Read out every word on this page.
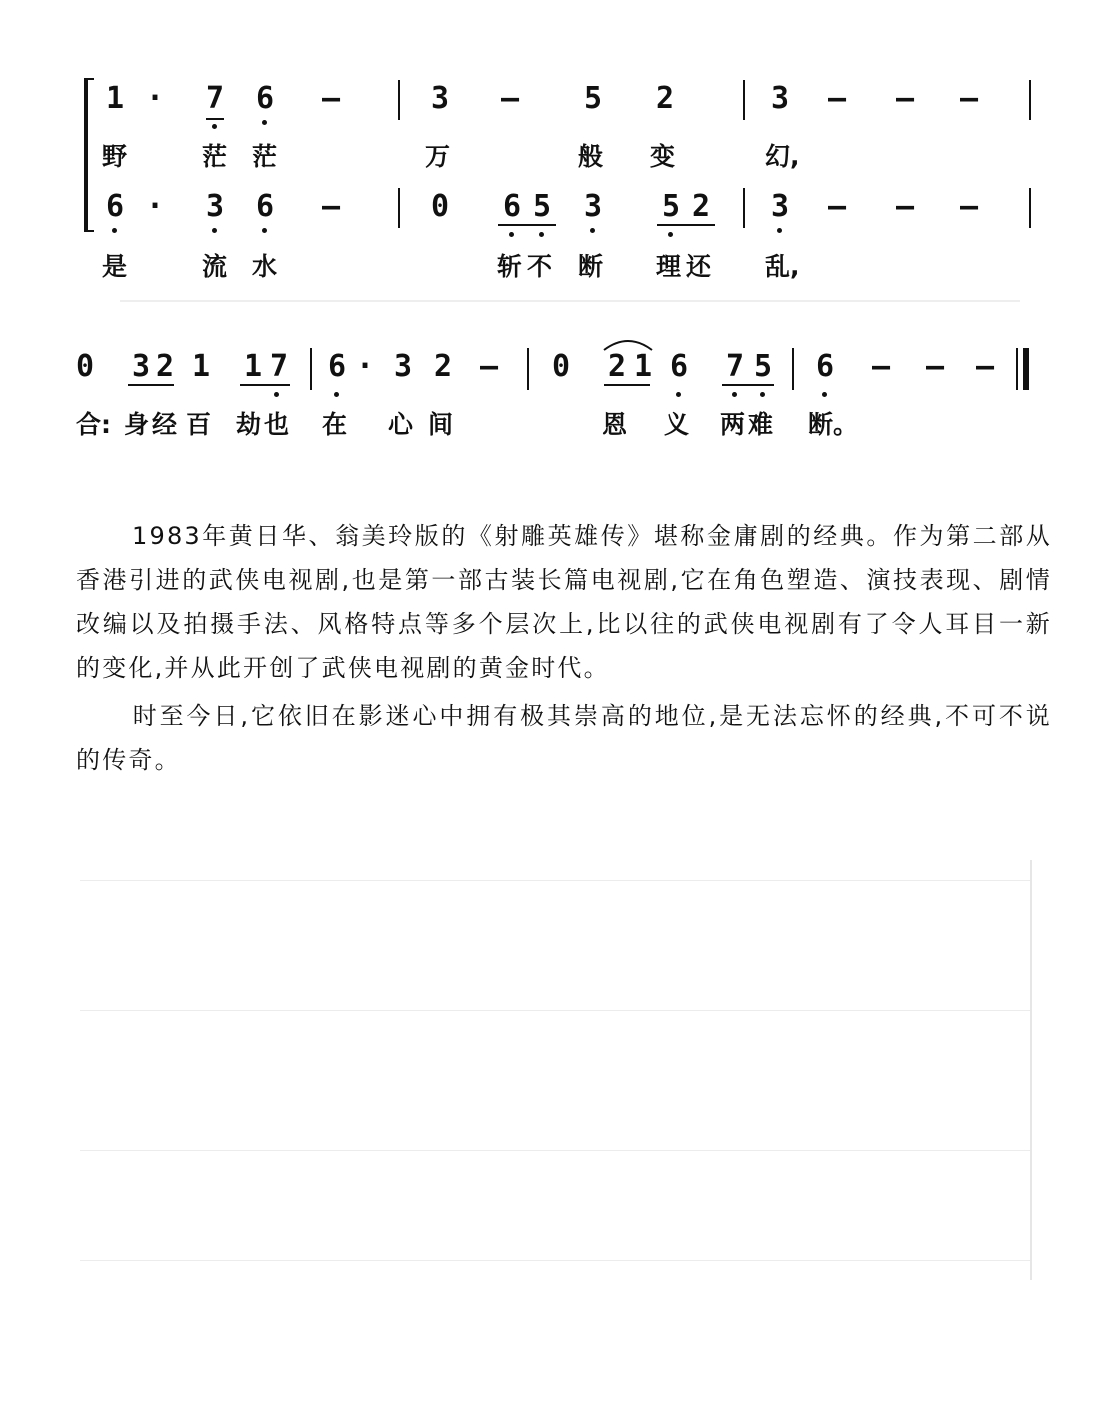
1 · 7 6 –	3 – 5 2	3 – – –
野	茫 茫	万	般 变	幻,
6 · 3 6 –	0 6 5 3 5 2 3 – – –
是	流 水	斩 不 断 理 还 乱,
0 3 2 1 1 7 6 · 3 2 – 0 2 1 6 7 5 6 – – –
合: 身 经 百 劫 也 在 心 间	恩 义 两 难 断。

1983年黄日华、翁美玲版的《射雕英雄传》堪称金庸剧的经典。作为第二部从香港引进的武侠电视剧,也是第一部古装长篇电视剧,它在角色塑造、演技表现、剧情改编以及拍摄手法、风格特点等多个层次上,比以往的武侠电视剧有了令人耳目一新的变化,并从此开创了武侠电视剧的黄金时代。

时至今日,它依旧在影迷心中拥有极其崇高的地位,是无法忘怀的经典,不可不说的传奇。
